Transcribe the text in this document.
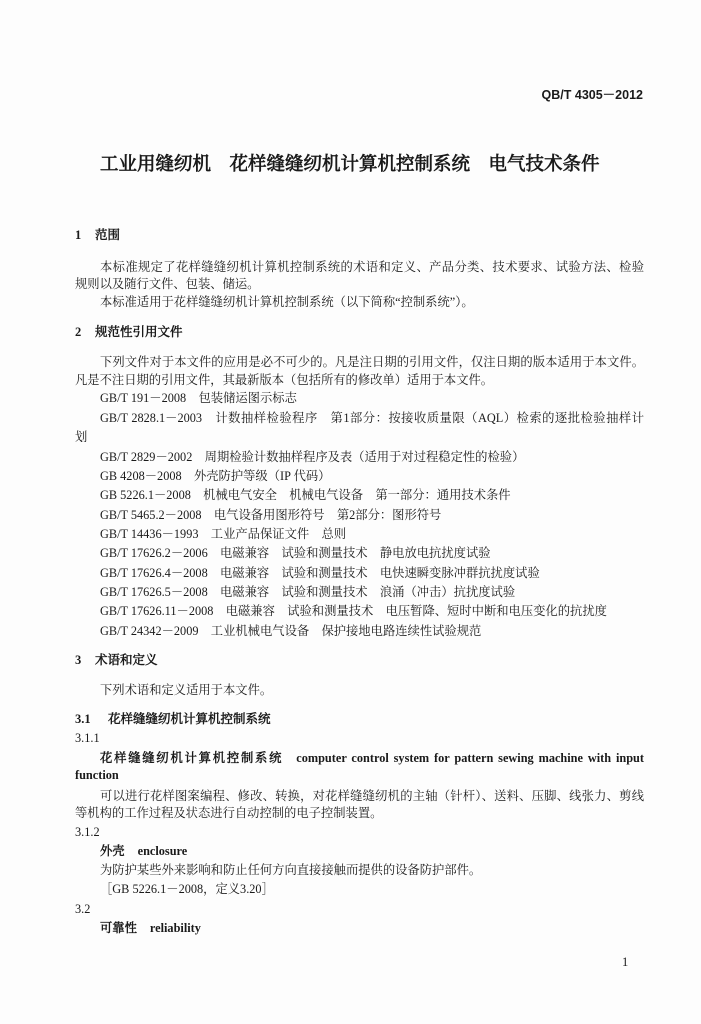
QB/T 4305－2012
工业用缝纫机　花样缝缝纫机计算机控制系统　电气技术条件
1 范围
本标准规定了花样缝缝纫机计算机控制系统的术语和定义、产品分类、技术要求、试验方法、检验
规则以及随行文件、包装、储运。
本标准适用于花样缝缝纫机计算机控制系统（以下简称“控制系统”）。
2 规范性引用文件
下列文件对于本文件的应用是必不可少的。凡是注日期的引用文件，仅注日期的版本适用于本文件。
凡是不注日期的引用文件，其最新版本（包括所有的修改单）适用于本文件。
GB/T 191－2008　包装储运图示标志
GB/T 2828.1－2003　计数抽样检验程序　第1部分：按接收质量限（AQL）检索的逐批检验抽样计
划
GB/T 2829－2002　周期检验计数抽样程序及表（适用于对过程稳定性的检验）
GB 4208－2008　外壳防护等级（IP 代码）
GB 5226.1－2008　机械电气安全　机械电气设备　第一部分：通用技术条件
GB/T 5465.2－2008　电气设备用图形符号　第2部分：图形符号
GB/T 14436－1993　工业产品保证文件　总则
GB/T 17626.2－2006　电磁兼容　试验和测量技术　静电放电抗扰度试验
GB/T 17626.4－2008　电磁兼容　试验和测量技术　电快速瞬变脉冲群抗扰度试验
GB/T 17626.5－2008　电磁兼容　试验和测量技术　浪涌（冲击）抗扰度试验
GB/T 17626.11－2008　电磁兼容　试验和测量技术　电压暂降、短时中断和电压变化的抗扰度
GB/T 24342－2009　工业机械电气设备　保护接地电路连续性试验规范
3 术语和定义
下列术语和定义适用于本文件。
3.1 花样缝缝纫机计算机控制系统
3.1.1
花样缝缝纫机计算机控制系统 computer control system for pattern sewing machine with input
function
可以进行花样图案编程、修改、转换，对花样缝缝纫机的主轴（针杆）、送料、压脚、线张力、剪线
等机构的工作过程及状态进行自动控制的电子控制装置。
3.1.2
外壳 enclosure
为防护某些外来影响和防止任何方向直接接触而提供的设备防护部件。
［GB 5226.1－2008，定义3.20］
3.2
可靠性 reliability
1
